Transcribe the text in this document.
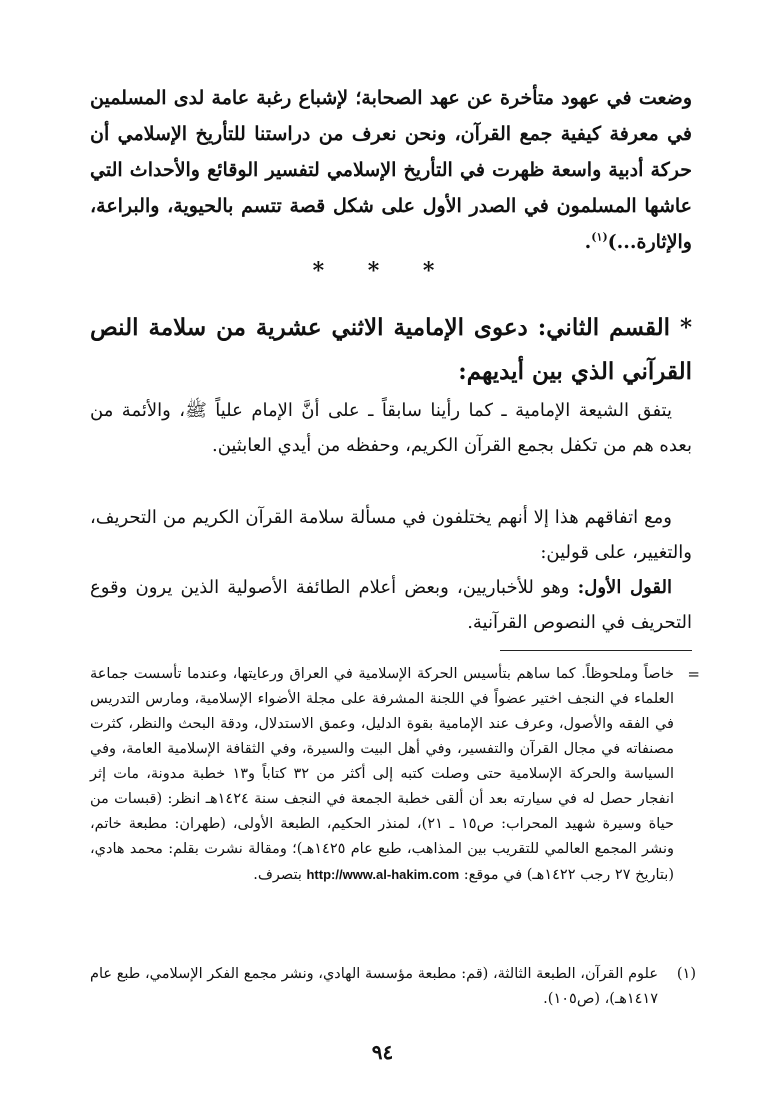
وضعت في عهود متأخرة عن عهد الصحابة؛ لإشباع رغبة عامة لدى المسلمين في معرفة كيفية جمع القرآن، ونحن نعرف من دراستنا للتأريخ الإسلامي أن حركة أدبية واسعة ظهرت في التأريخ الإسلامي لتفسير الوقائع والأحداث التي عاشها المسلمون في الصدر الأول على شكل قصة تتسم بالحيوية، والبراعة، والإثارة...)$^{(١)}$.
* * *
* القسم الثاني: دعوى الإمامية الاثني عشرية من سلامة النص القرآني الذي بين أيديهم:

يتفق الشيعة الإمامية ـ كما رأينا سابقاً ـ على أنَّ الإمام علياً ﷺ، والأئمة من بعده هم من تكفل بجمع القرآن الكريم، وحفظه من أيدي العابثين.

ومع اتفاقهم هذا إلا أنهم يختلفون في مسألة سلامة القرآن الكريم من التحريف، والتغيير، على قولين:

القول الأول: وهو للأخباريين، وبعض أعلام الطائفة الأصولية الذين يرون وقوع التحريف في النصوص القرآنية.

=
خاصاً وملحوظاً. كما ساهم بتأسيس الحركة الإسلامية في العراق ورعايتها، وعندما تأسست جماعة العلماء في النجف اختير عضواً في اللجنة المشرفة على مجلة الأضواء الإسلامية، ومارس التدريس في الفقه والأصول، وعرف عند الإمامية بقوة الدليل، وعمق الاستدلال، ودقة البحث والنظر، كثرت مصنفاته في مجال القرآن والتفسير، وفي أهل البيت والسيرة، وفي الثقافة الإسلامية العامة، وفي السياسة والحركة الإسلامية حتى وصلت كتبه إلى أكثر من ٣٢ كتاباً و١٣ خطبة مدونة، مات إثر انفجار حصل له في سيارته بعد أن ألقى خطبة الجمعة في النجف سنة ١٤٢٤هـ انظر: (قبسات من حياة وسيرة شهيد المحراب: ص١٥ ـ ٢١)، لمنذر الحكيم، الطبعة الأولى، (طهران: مطبعة خاتم، ونشر المجمع العالمي للتقريب بين المذاهب، طبع عام ١٤٢٥هـ)؛ ومقالة نشرت بقلم: محمد هادي، (بتاريخ ٢٧ رجب ١٤٢٢هـ) في موقع: http://www.al-hakim.com بتصرف.
(١)
علوم القرآن، الطبعة الثالثة، (قم: مطبعة مؤسسة الهادي، ونشر مجمع الفكر الإسلامي، طبع عام ١٤١٧هـ)، (ص١٠٥).
٩٤
